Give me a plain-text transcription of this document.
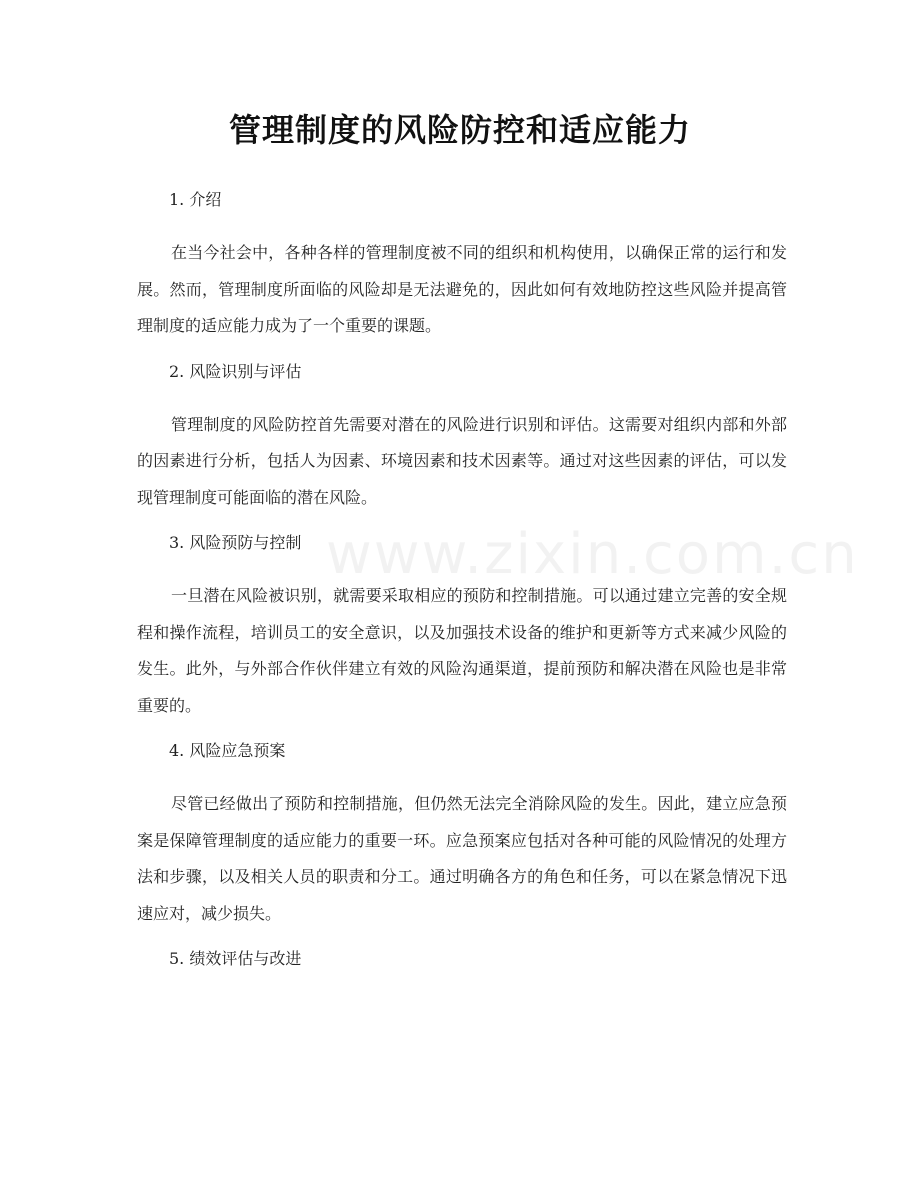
管理制度的风险防控和适应能力
www.zixin.com.cn
1. 介绍

在当今社会中，各种各样的管理制度被不同的组织和机构使用，以确保正常的运行和发展。然而，管理制度所面临的风险却是无法避免的，因此如何有效地防控这些风险并提高管理制度的适应能力成为了一个重要的课题。

2. 风险识别与评估

管理制度的风险防控首先需要对潜在的风险进行识别和评估。这需要对组织内部和外部的因素进行分析，包括人为因素、环境因素和技术因素等。通过对这些因素的评估，可以发现管理制度可能面临的潜在风险。

3. 风险预防与控制

一旦潜在风险被识别，就需要采取相应的预防和控制措施。可以通过建立完善的安全规程和操作流程，培训员工的安全意识，以及加强技术设备的维护和更新等方式来减少风险的发生。此外，与外部合作伙伴建立有效的风险沟通渠道，提前预防和解决潜在风险也是非常重要的。

4. 风险应急预案

尽管已经做出了预防和控制措施，但仍然无法完全消除风险的发生。因此，建立应急预案是保障管理制度的适应能力的重要一环。应急预案应包括对各种可能的风险情况的处理方法和步骤，以及相关人员的职责和分工。通过明确各方的角色和任务，可以在紧急情况下迅速应对，减少损失。

5. 绩效评估与改进
